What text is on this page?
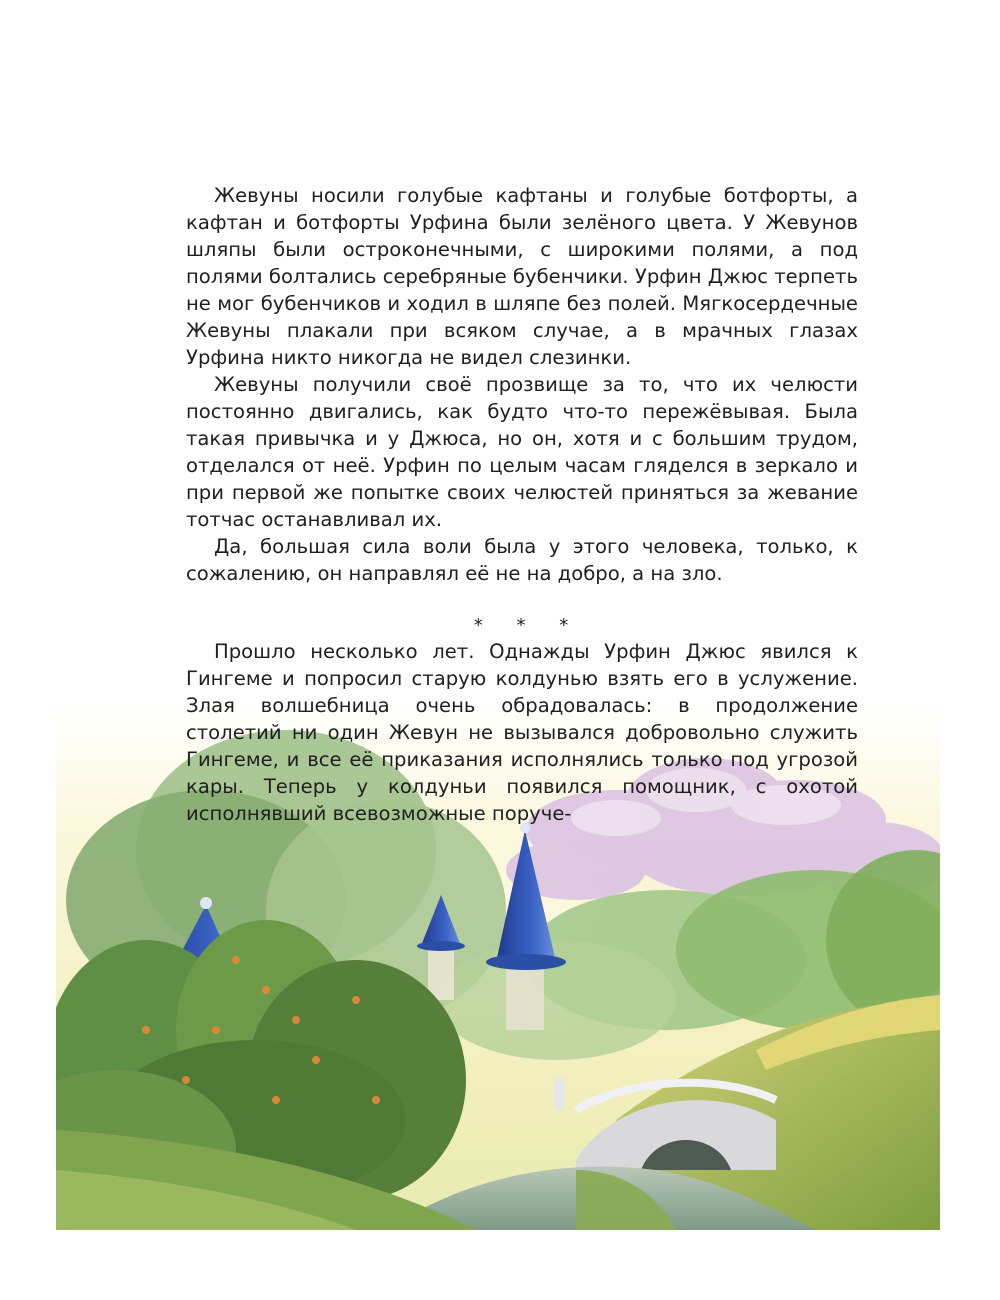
Жевуны носили голубые кафтаны и голубые ботфорты, а кафтан и ботфорты Урфина были зелёного цвета. У Жевунов шляпы были остроконечными, с широкими полями, а под полями болтались серебряные бубенчики. Урфин Джюс терпеть не мог бубенчиков и ходил в шляпе без полей. Мягкосердечные Жевуны плакали при всяком случае, а в мрачных глазах Урфина никто никогда не видел слезинки.

Жевуны получили своё прозвище за то, что их челюсти постоянно двигались, как будто что-то пережёвывая. Была такая привычка и у Джюса, но он, хотя и с большим трудом, отделался от неё. Урфин по целым часам гляделся в зеркало и при первой же попытке своих челюстей приняться за жевание тотчас останавливал их.

Да, большая сила воли была у этого человека, только, к сожалению, он направлял её не на добро, а на зло.

* * *

Прошло несколько лет. Однажды Урфин Джюс явился к Гингеме и попросил старую колдунью взять его в услужение. Злая волшебница очень обрадовалась: в продолжение столетий ни один Жевун не вызывался добровольно служить Гингеме, и все её приказания исполнялись только под угрозой кары. Теперь у колдуньи появился помощник, с охотой исполнявший всевозможные поруче-
